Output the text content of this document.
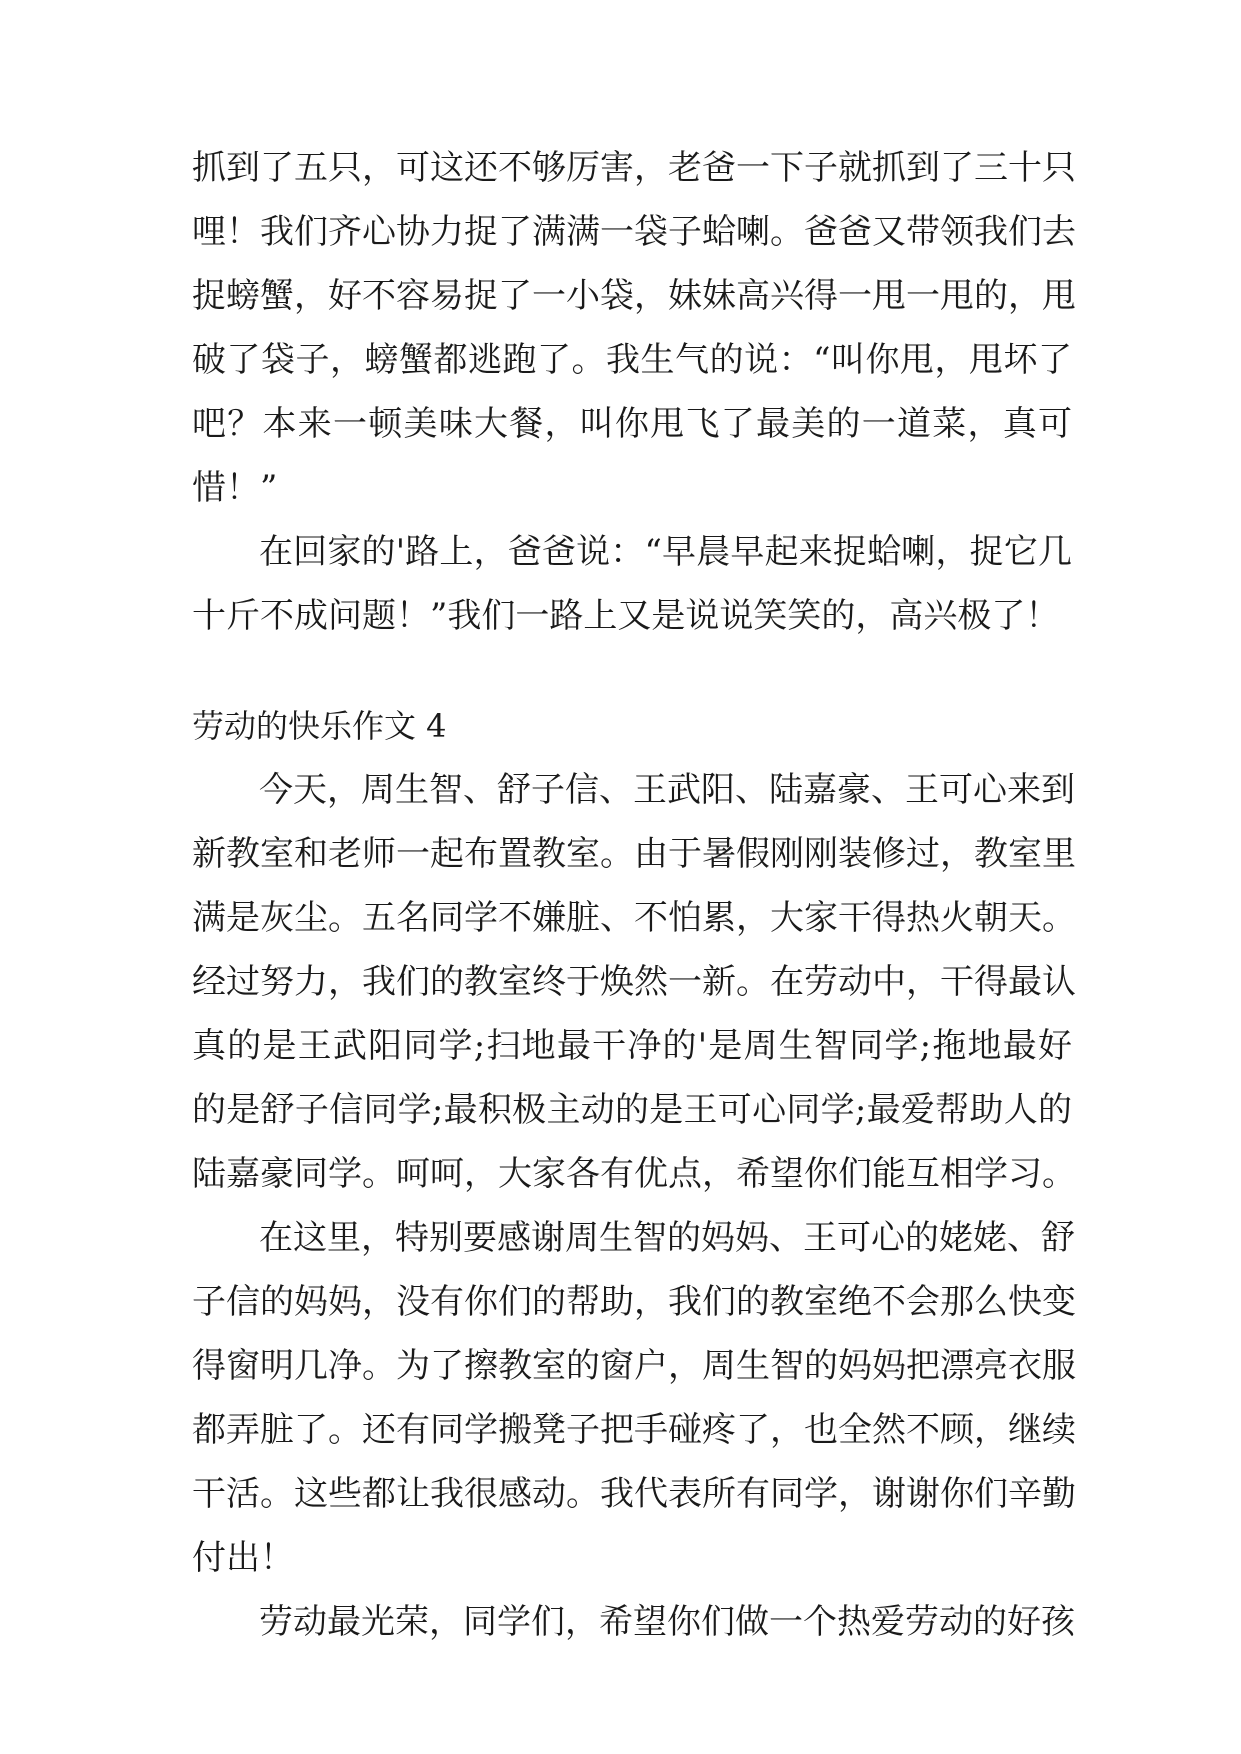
抓到了五只，可这还不够厉害，老爸一下子就抓到了三十只
哩！我们齐心协力捉了满满一袋子蛤喇。爸爸又带领我们去
捉螃蟹，好不容易捉了一小袋，妹妹高兴得一甩一甩的，甩
破了袋子，螃蟹都逃跑了。我生气的说：“叫你甩，甩坏了
吧？本来一顿美味大餐，叫你甩飞了最美的一道菜，真可
惜！”
在回家的'路上，爸爸说：“早晨早起来捉蛤喇，捉它几
十斤不成问题！”我们一路上又是说说笑笑的，高兴极了！
劳动的快乐作文 4
今天，周生智、舒子信、王武阳、陆嘉豪、王可心来到
新教室和老师一起布置教室。由于暑假刚刚装修过，教室里
满是灰尘。五名同学不嫌脏、不怕累，大家干得热火朝天。
经过努力，我们的教室终于焕然一新。在劳动中，干得最认
真的是王武阳同学;扫地最干净的'是周生智同学;拖地最好
的是舒子信同学;最积极主动的是王可心同学;最爱帮助人的
陆嘉豪同学。呵呵，大家各有优点，希望你们能互相学习。
在这里，特别要感谢周生智的妈妈、王可心的姥姥、舒
子信的妈妈，没有你们的帮助，我们的教室绝不会那么快变
得窗明几净。为了擦教室的窗户，周生智的妈妈把漂亮衣服
都弄脏了。还有同学搬凳子把手碰疼了，也全然不顾，继续
干活。这些都让我很感动。我代表所有同学，谢谢你们辛勤
付出！
劳动最光荣，同学们，希望你们做一个热爱劳动的好孩
